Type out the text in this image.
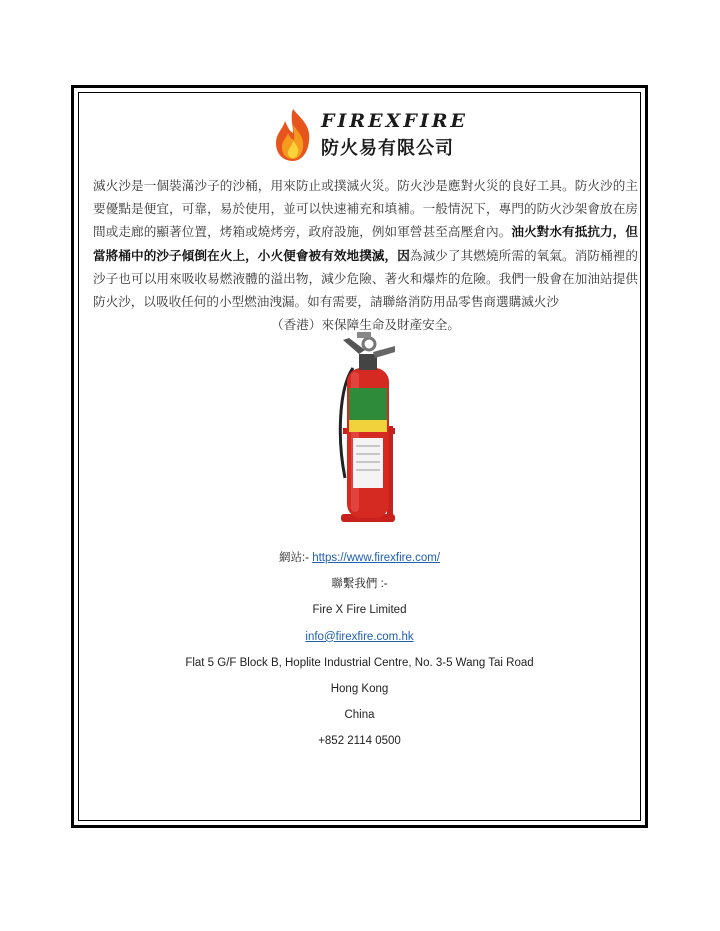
FIREXFIRE
防火易有限公司
滅火沙是一個裝滿沙子的沙桶，用來防止或撲滅火災。防火沙是應對火災的良好工具。防火沙的主要優點是便宜，可靠，易於使用，並可以快速補充和填補。一般情況下，專門的防火沙架會放在房間或走廊的顯著位置，烤箱或燒烤旁，政府設施，例如軍營甚至高壓倉內。油火對水有抵抗力，但當將桶中的沙子傾倒在火上，小火便會被有效地撲滅，因為減少了其燃燒所需的氧氣。消防桶裡的沙子也可以用來吸收易燃液體的溢出物，減少危險、著火和爆炸的危險。我們一般會在加油站提供防火沙，以吸收任何的小型燃油洩漏。如有需要，請聯絡消防用品零售商選購滅火沙
（香港）來保障生命及財產安全。
網站:- https://www.firexfire.com/
聯繫我們 :-
Fire X Fire Limited
info@firexfire.com.hk
Flat 5 G/F Block B, Hoplite Industrial Centre, No. 3-5 Wang Tai Road
Hong Kong
China
+852 2114 0500
